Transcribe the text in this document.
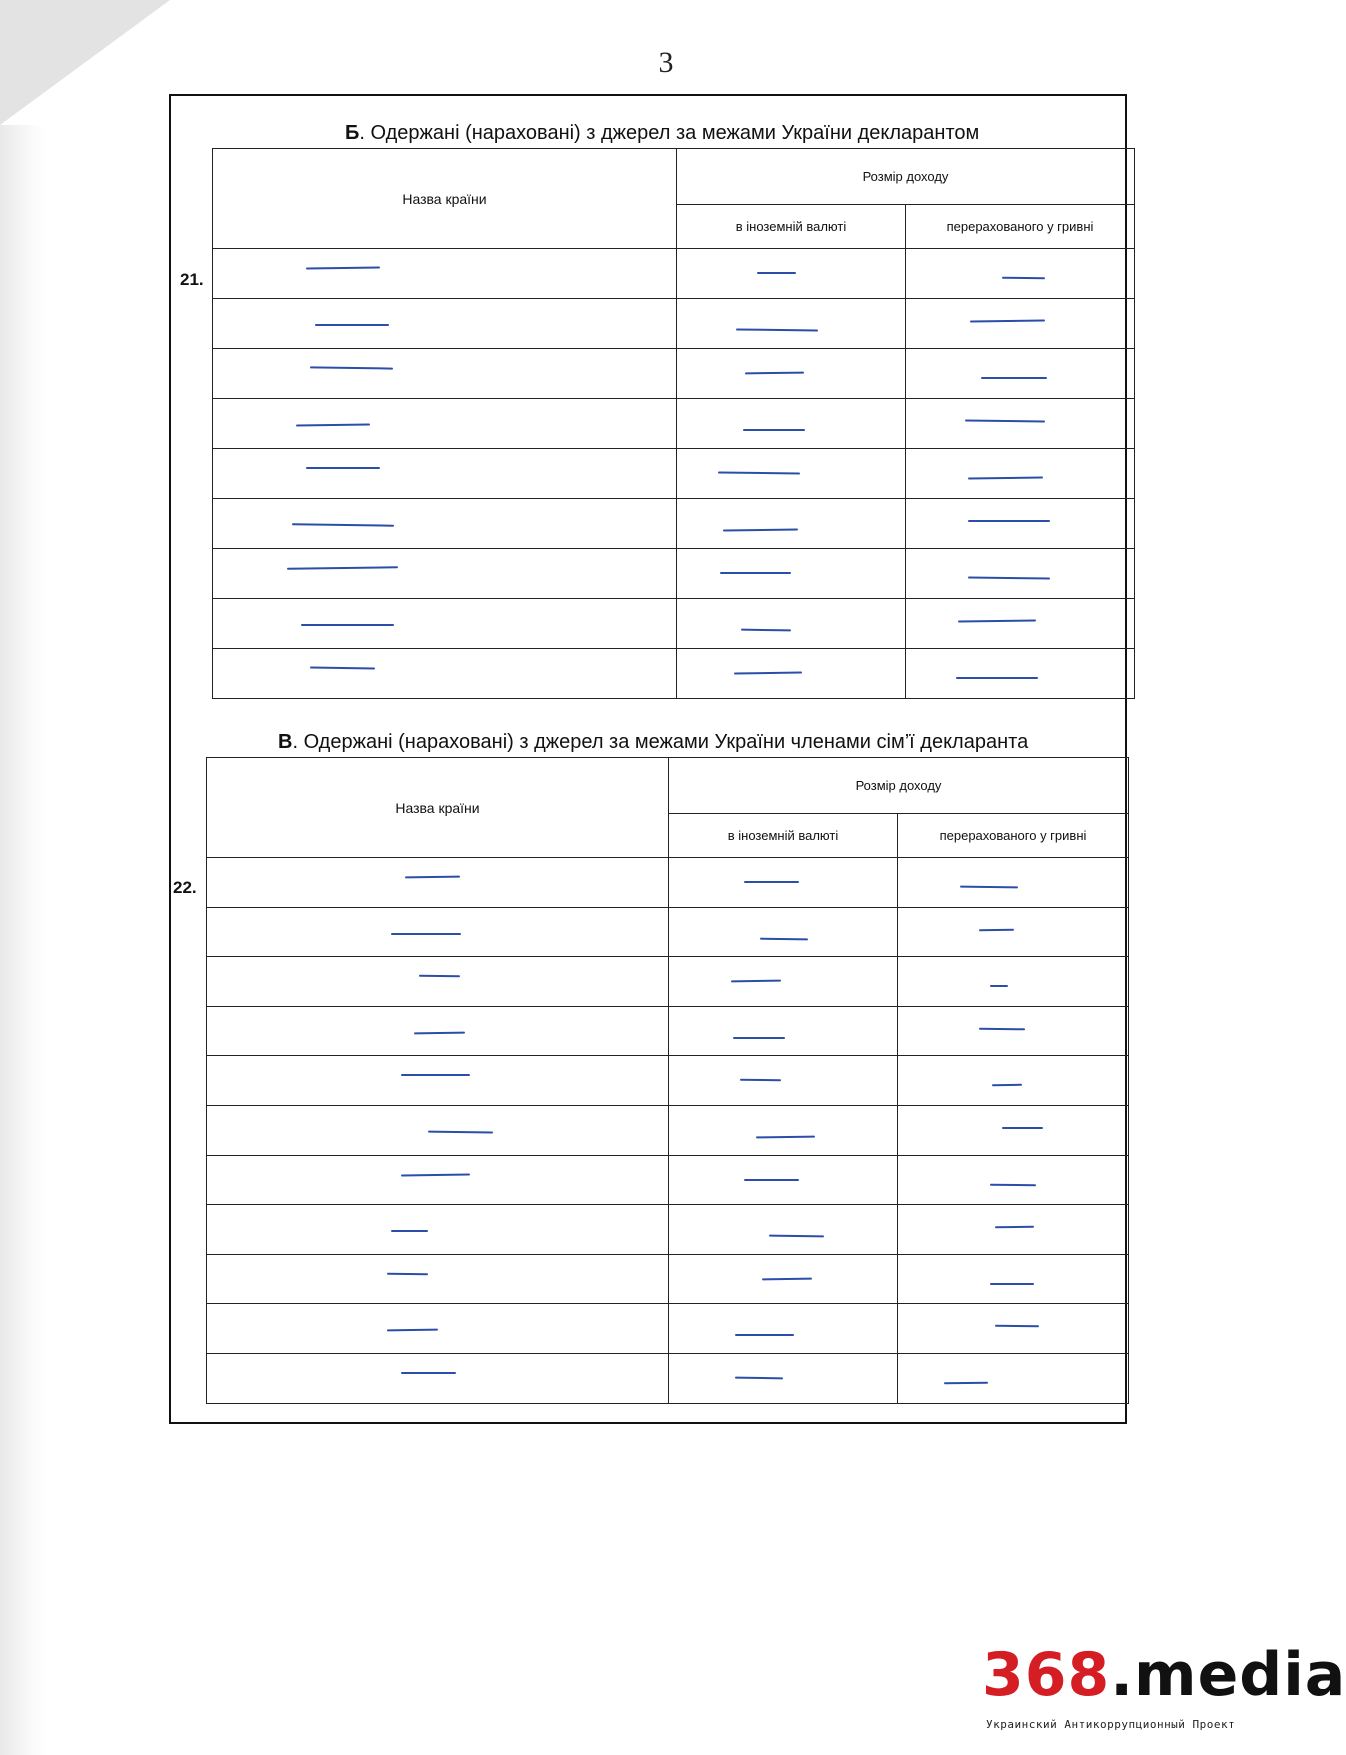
3
Б. Одержані (нараховані) з джерел за межами України декларантом
21.
Назва країни	Розмір доходу	
	в іноземній валюті	перерахованого у гривні

В. Одержані (нараховані) з джерел за межами України членами сім’ї декларанта
22.
Назва країни	Розмір доходу	
	в іноземній валюті	перерахованого у гривні

368.media
Украинский Антикоррупционный Проект
